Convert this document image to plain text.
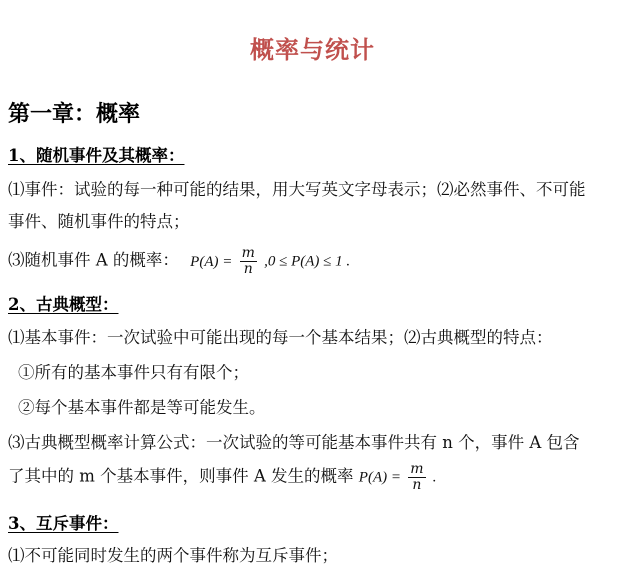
概率与统计
第一章：概率
1、随机事件及其概率：
⑴事件：试验的每一种可能的结果，用大写英文字母表示；⑵必然事件、不可能
事件、随机事件的特点；
⑶随机事件 A 的概率： $P(A) = \frac{m}{n} ,0 \le P(A) \le 1$ .
2、古典概型：
⑴基本事件：一次试验中可能出现的每一个基本结果；⑵古典概型的特点：
①所有的基本事件只有有限个；
②每个基本事件都是等可能发生。
⑶古典概型概率计算公式：一次试验的等可能基本事件共有 n 个，事件 A 包含
了其中的 m 个基本事件，则事件 A 发生的概率 $P(A) = \frac{m}{n}$ .
3、互斥事件：
⑴不可能同时发生的两个事件称为互斥事件；
